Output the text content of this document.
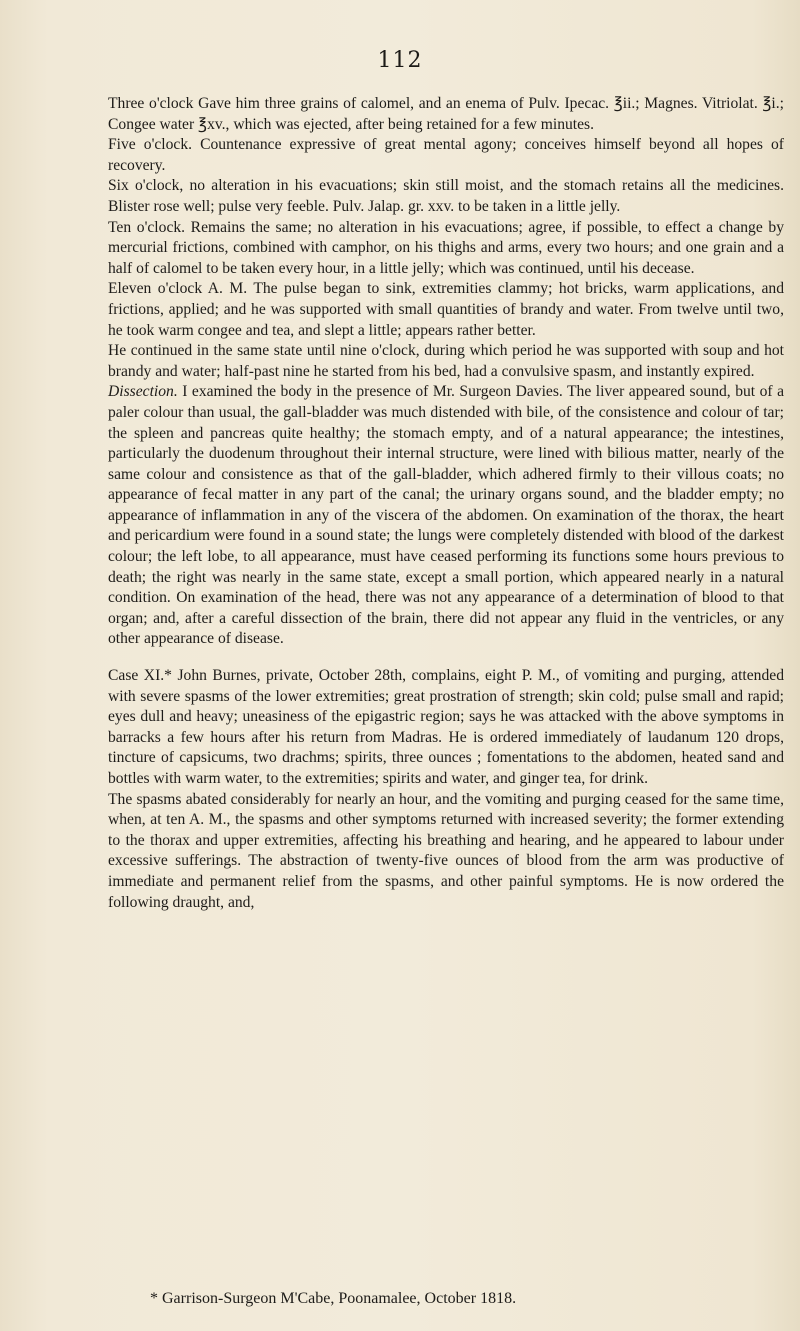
112

Three o'clock Gave him three grains of calomel, and an enema of Pulv. Ipecac. ℥ii.; Magnes. Vitriolat. ℥i.; Congee water ℥xv., which was ejected, after being retained for a few minutes.

Five o'clock. Countenance expressive of great mental agony; conceives himself beyond all hopes of recovery.

Six o'clock, no alteration in his evacuations; skin still moist, and the stomach retains all the medicines. Blister rose well; pulse very feeble. Pulv. Jalap. gr. xxv. to be taken in a little jelly.

Ten o'clock. Remains the same; no alteration in his evacuations; agree, if possible, to effect a change by mercurial frictions, combined with camphor, on his thighs and arms, every two hours; and one grain and a half of calomel to be taken every hour, in a little jelly; which was continued, until his decease.

Eleven o'clock A. M. The pulse began to sink, extremities clammy; hot bricks, warm applications, and frictions, applied; and he was supported with small quantities of brandy and water. From twelve until two, he took warm congee and tea, and slept a little; appears rather better.

He continued in the same state until nine o'clock, during which period he was supported with soup and hot brandy and water; half-past nine he started from his bed, had a convulsive spasm, and instantly expired.

Dissection. I examined the body in the presence of Mr. Surgeon Davies. The liver appeared sound, but of a paler colour than usual, the gall-bladder was much distended with bile, of the consistence and colour of tar; the spleen and pancreas quite healthy; the stomach empty, and of a natural appearance; the intestines, particularly the duodenum throughout their internal structure, were lined with bilious matter, nearly of the same colour and consistence as that of the gall-bladder, which adhered firmly to their villous coats; no appearance of fecal matter in any part of the canal; the urinary organs sound, and the bladder empty; no appearance of inflammation in any of the viscera of the abdomen. On examination of the thorax, the heart and pericardium were found in a sound state; the lungs were completely distended with blood of the darkest colour; the left lobe, to all appearance, must have ceased performing its functions some hours previous to death; the right was nearly in the same state, except a small portion, which appeared nearly in a natural condition. On examination of the head, there was not any appearance of a determination of blood to that organ; and, after a careful dissection of the brain, there did not appear any fluid in the ventricles, or any other appearance of disease.

Case XI.* John Burnes, private, October 28th, complains, eight P. M., of vomiting and purging, attended with severe spasms of the lower extremities; great prostration of strength; skin cold; pulse small and rapid; eyes dull and heavy; uneasiness of the epigastric region; says he was attacked with the above symptoms in barracks a few hours after his return from Madras. He is ordered immediately of laudanum 120 drops, tincture of capsicums, two drachms; spirits, three ounces ; fomentations to the abdomen, heated sand and bottles with warm water, to the extremities; spirits and water, and ginger tea, for drink.

The spasms abated considerably for nearly an hour, and the vomiting and purging ceased for the same time, when, at ten A. M., the spasms and other symptoms returned with increased severity; the former extending to the thorax and upper extremities, affecting his breathing and hearing, and he appeared to labour under excessive sufferings. The abstraction of twenty-five ounces of blood from the arm was productive of immediate and permanent relief from the spasms, and other painful symptoms. He is now ordered the following draught, and,

* Garrison-Surgeon M'Cabe, Poonamalee, October 1818.
